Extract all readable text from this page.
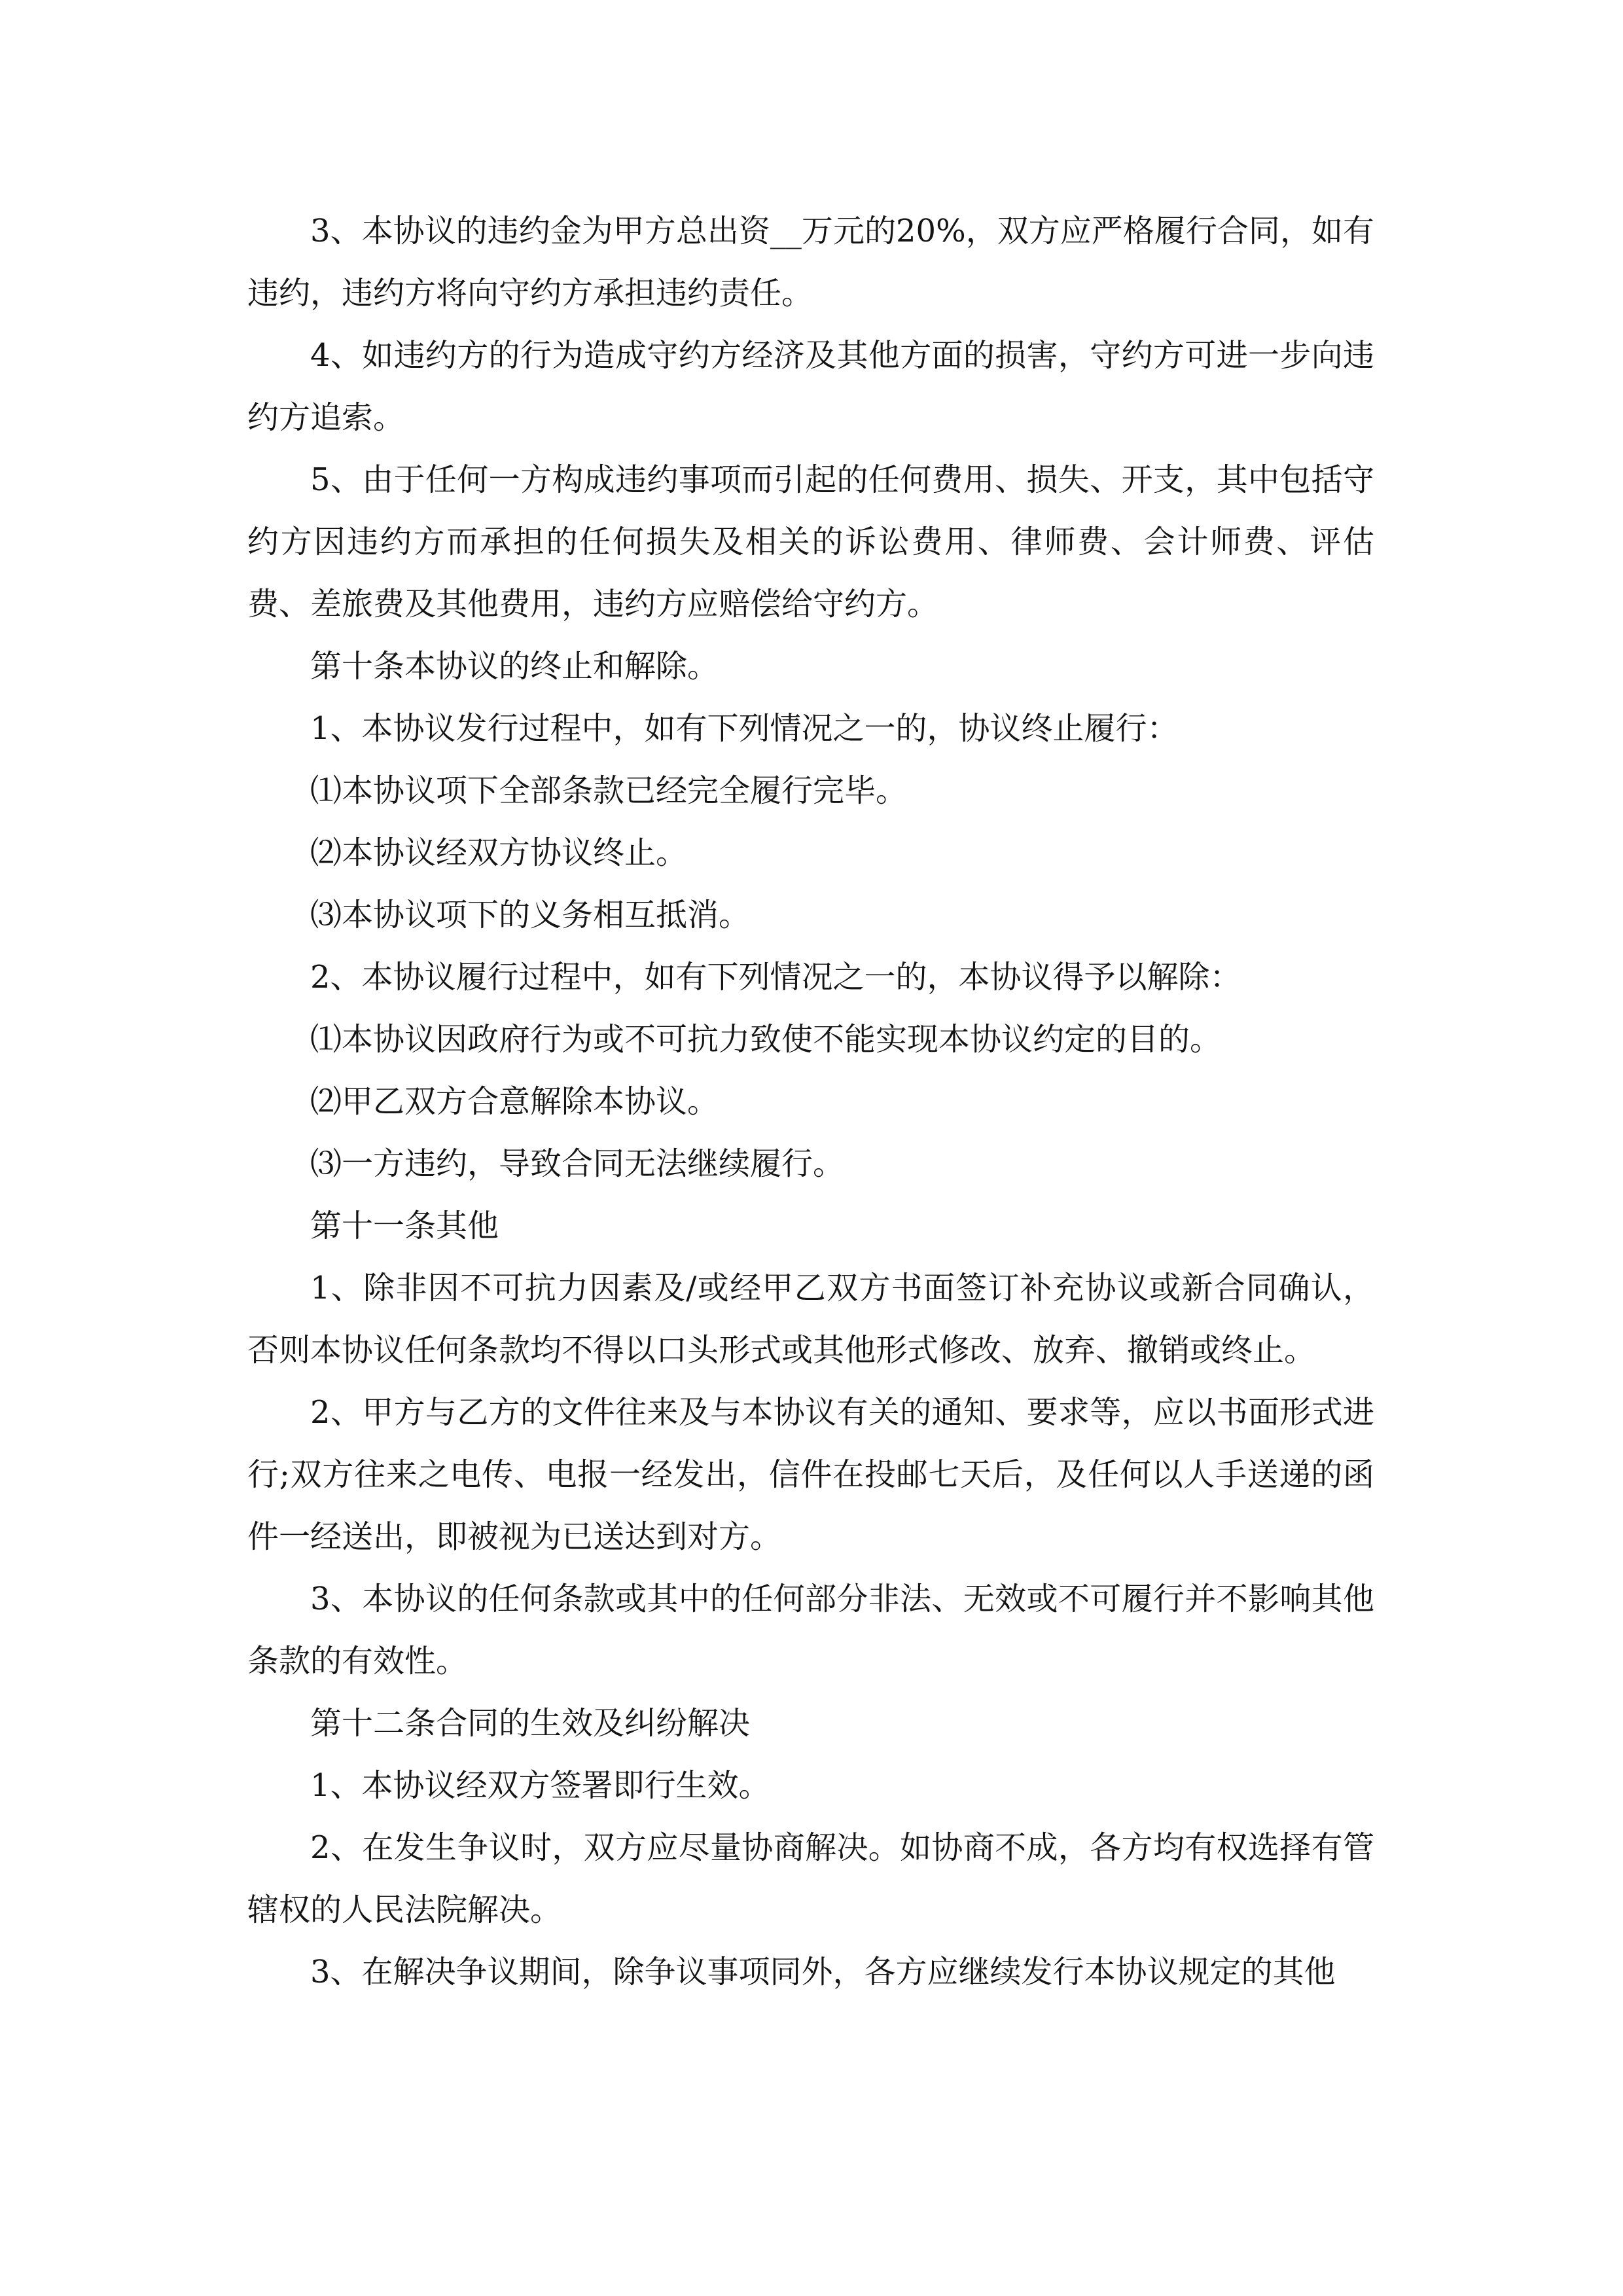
3、本协议的违约金为甲方总出资__万元的20%，双方应严格履行合同，如有违约，违约方将向守约方承担违约责任。

4、如违约方的行为造成守约方经济及其他方面的损害，守约方可进一步向违约方追索。

5、由于任何一方构成违约事项而引起的任何费用、损失、开支，其中包括守约方因违约方而承担的任何损失及相关的诉讼费用、律师费、会计师费、评估费、差旅费及其他费用，违约方应赔偿给守约方。

第十条本协议的终止和解除。

1、本协议发行过程中，如有下列情况之一的，协议终止履行：

⑴本协议项下全部条款已经完全履行完毕。

⑵本协议经双方协议终止。

⑶本协议项下的义务相互抵消。

2、本协议履行过程中，如有下列情况之一的，本协议得予以解除：

⑴本协议因政府行为或不可抗力致使不能实现本协议约定的目的。

⑵甲乙双方合意解除本协议。

⑶一方违约，导致合同无法继续履行。

第十一条其他

1、除非因不可抗力因素及/或经甲乙双方书面签订补充协议或新合同确认，否则本协议任何条款均不得以口头形式或其他形式修改、放弃、撤销或终止。

2、甲方与乙方的文件往来及与本协议有关的通知、要求等，应以书面形式进行;双方往来之电传、电报一经发出，信件在投邮七天后，及任何以人手送递的函件一经送出，即被视为已送达到对方。

3、本协议的任何条款或其中的任何部分非法、无效或不可履行并不影响其他条款的有效性。

第十二条合同的生效及纠纷解决

1、本协议经双方签署即行生效。

2、在发生争议时，双方应尽量协商解决。如协商不成，各方均有权选择有管辖权的人民法院解决。

3、在解决争议期间，除争议事项同外，各方应继续发行本协议规定的其他
